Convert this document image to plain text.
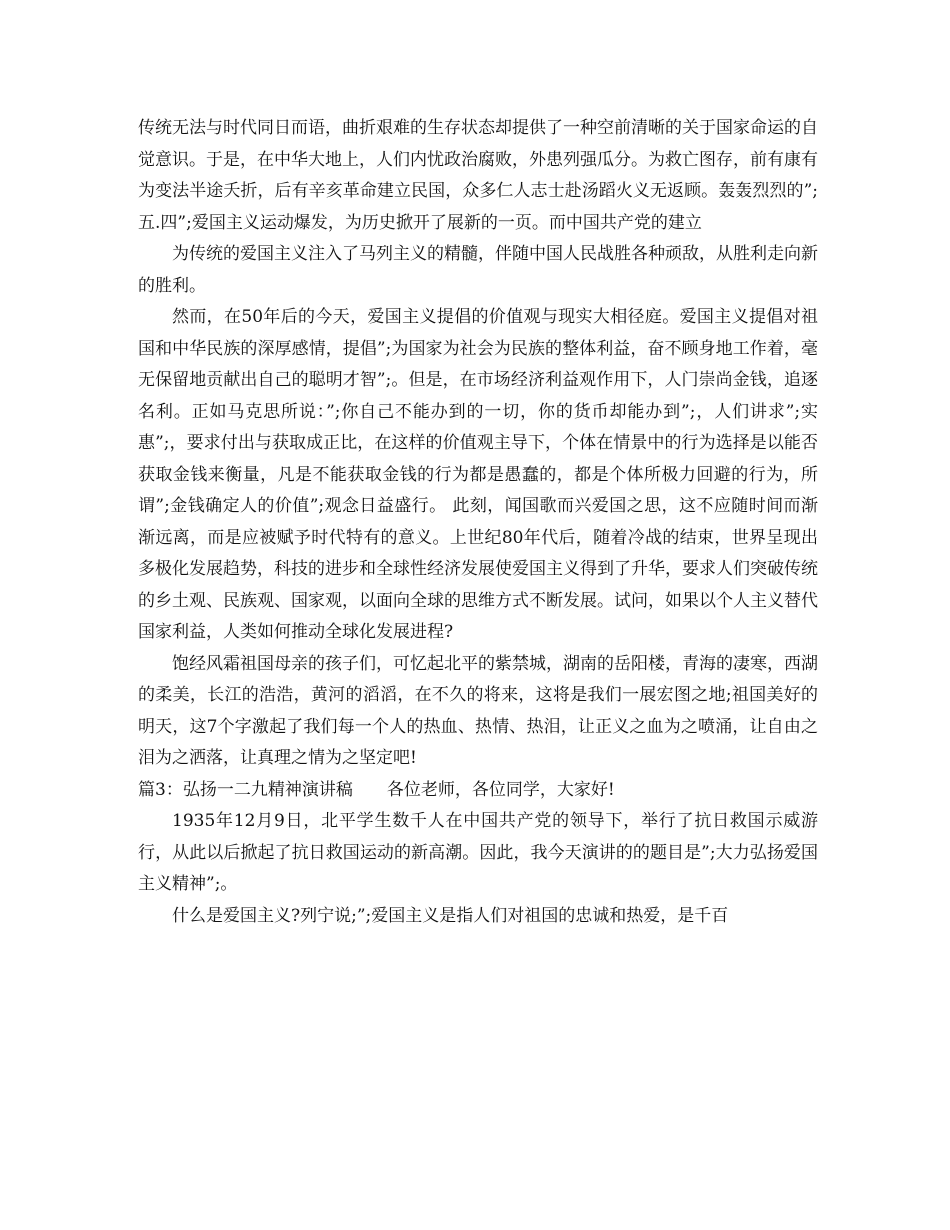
传统无法与时代同日而语，曲折艰难的生存状态却提供了一种空前清晰的关于国家命运的自觉意识。于是，在中华大地上，人们内忧政治腐败，外患列强瓜分。为救亡图存，前有康有为变法半途夭折，后有辛亥革命建立民国，众多仁人志士赴汤蹈火义无返顾。轰轰烈烈的”;五.四”;爱国主义运动爆发，为历史掀开了展新的一页。而中国共产党的建立

为传统的爱国主义注入了马列主义的精髓，伴随中国人民战胜各种顽敌，从胜利走向新的胜利。

然而，在50年后的今天，爱国主义提倡的价值观与现实大相径庭。爱国主义提倡对祖国和中华民族的深厚感情，提倡”;为国家为社会为民族的整体利益，奋不顾身地工作着，毫无保留地贡献出自己的聪明才智”;。但是，在市场经济利益观作用下，人门崇尚金钱，追逐名利。正如马克思所说：”;你自己不能办到的一切，你的货币却能办到”;，人们讲求”;实惠”;，要求付出与获取成正比，在这样的价值观主导下，个体在情景中的行为选择是以能否获取金钱来衡量，凡是不能获取金钱的行为都是愚蠢的，都是个体所极力回避的行为，所谓”;金钱确定人的价值”;观念日益盛行。 此刻，闻国歌而兴爱国之思，这不应随时间而渐渐远离，而是应被赋予时代特有的意义。上世纪80年代后，随着冷战的结束，世界呈现出多极化发展趋势，科技的进步和全球性经济发展使爱国主义得到了升华，要求人们突破传统的乡土观、民族观、国家观，以面向全球的思维方式不断发展。试问，如果以个人主义替代国家利益，人类如何推动全球化发展进程?

饱经风霜祖国母亲的孩子们，可忆起北平的紫禁城，湖南的岳阳楼，青海的凄寒，西湖的柔美，长江的浩浩，黄河的滔滔，在不久的将来，这将是我们一展宏图之地;祖国美好的明天，这7个字激起了我们每一个人的热血、热情、热泪，让正义之血为之喷涌，让自由之泪为之洒落，让真理之情为之坚定吧!

篇3：弘扬一二九精神演讲稿　　各位老师，各位同学，大家好!

1935年12月9日，北平学生数千人在中国共产党的领导下，举行了抗日救国示威游行，从此以后掀起了抗日救国运动的新高潮。因此，我今天演讲的的题目是”;大力弘扬爱国主义精神”;。

什么是爱国主义?列宁说;”;爱国主义是指人们对祖国的忠诚和热爱，是千百
